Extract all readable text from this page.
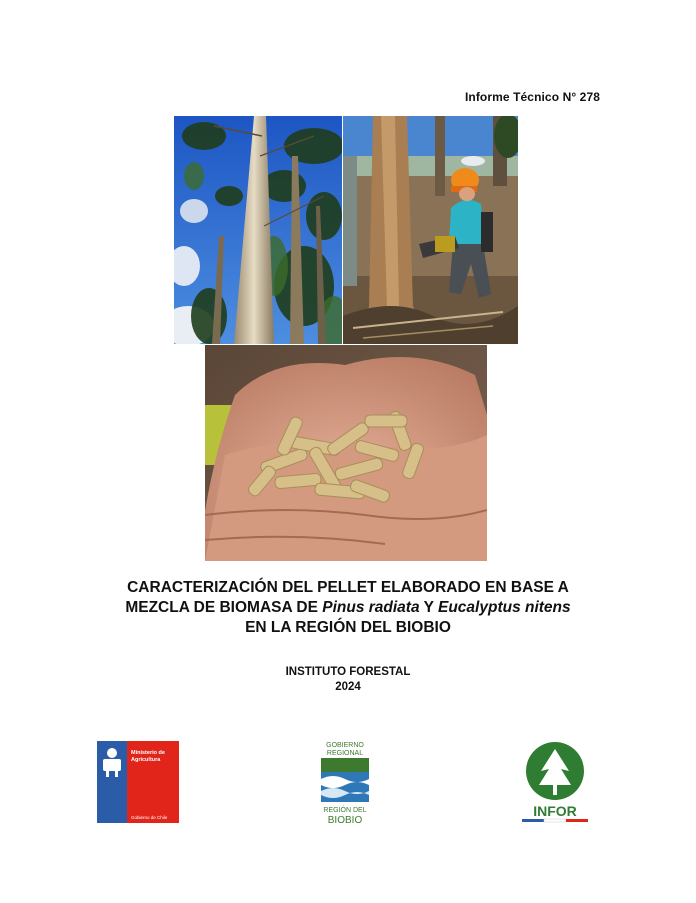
Informe Técnico N° 278
CARACTERIZACIÓN DEL PELLET ELABORADO EN BASE A
MEZCLA DE BIOMASA DE Pinus radiata Y Eucalyptus nitens
EN LA REGIÓN DEL BIOBIO
INSTITUTO FORESTAL
2024
Ministerio de
Agricultura
Gobierno de Chile
GOBIERNO
REGIONAL
REGIÓN DEL
BIOBIO
INFOR
